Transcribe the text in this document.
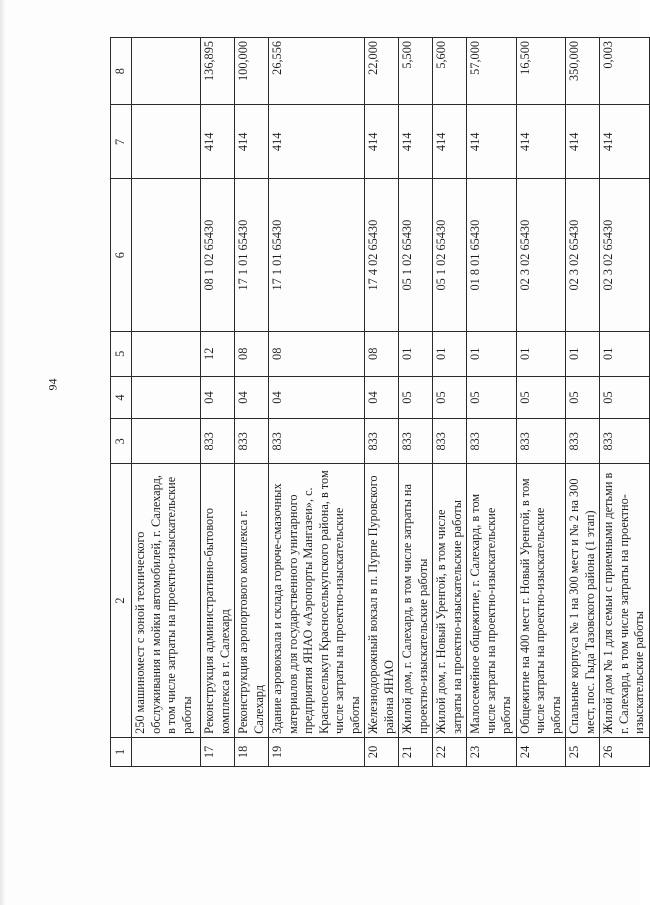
94
1	2	3	4	5	6	7	8
	250 машиномест с зоной технического обслуживания и мойки автомобилей, г. Салехард, в том числе затраты на проектно-изыскательские работы						
17	Реконструкция административно-бытового комплекса в г. Салехард	833	04	12	08 1 02 65430	414	136,895
18	Реконструкция аэропортового комплекса г. Салехард	833	04	08	17 1 01 65430	414	100,000
19	Здание аэровокзала и склада горюче-смазочных материалов для государственного унитарного предприятия ЯНАО «Аэропорты Мангазеи», с. Красноселькуп Красноселькупского района, в том числе затраты на проектно-изыскательские работы	833	04	08	17 1 01 65430	414	26,556
20	Железнодорожный вокзал в п. Пурпе Пуровского района ЯНАО	833	04	08	17 4 02 65430	414	22,000
21	Жилой дом, г. Салехард, в том числе затраты на проектно-изыскательские работы	833	05	01	05 1 02 65430	414	5,500
22	Жилой дом, г. Новый Уренгой, в том числе затраты на проектно-изыскательские работы	833	05	01	05 1 02 65430	414	5,600
23	Малосемейное общежитие, г. Салехард, в том числе затраты на проектно-изыскательские работы	833	05	01	01 8 01 65430	414	57,000
24	Общежитие на 400 мест г. Новый Уренгой, в том числе затраты на проектно-изыскательские работы	833	05	01	02 3 02 65430	414	16,500
25	Спальные корпуса № 1 на 300 мест и № 2 на 300 мест, пос. Гыда Тазовского района (1 этап)	833	05	01	02 3 02 65430	414	350,000
26	Жилой дом № 1 для семьи с приемными детьми в г. Салехард, в том числе затраты на проектно-изыскательские работы	833	05	01	02 3 02 65430	414	0,003
